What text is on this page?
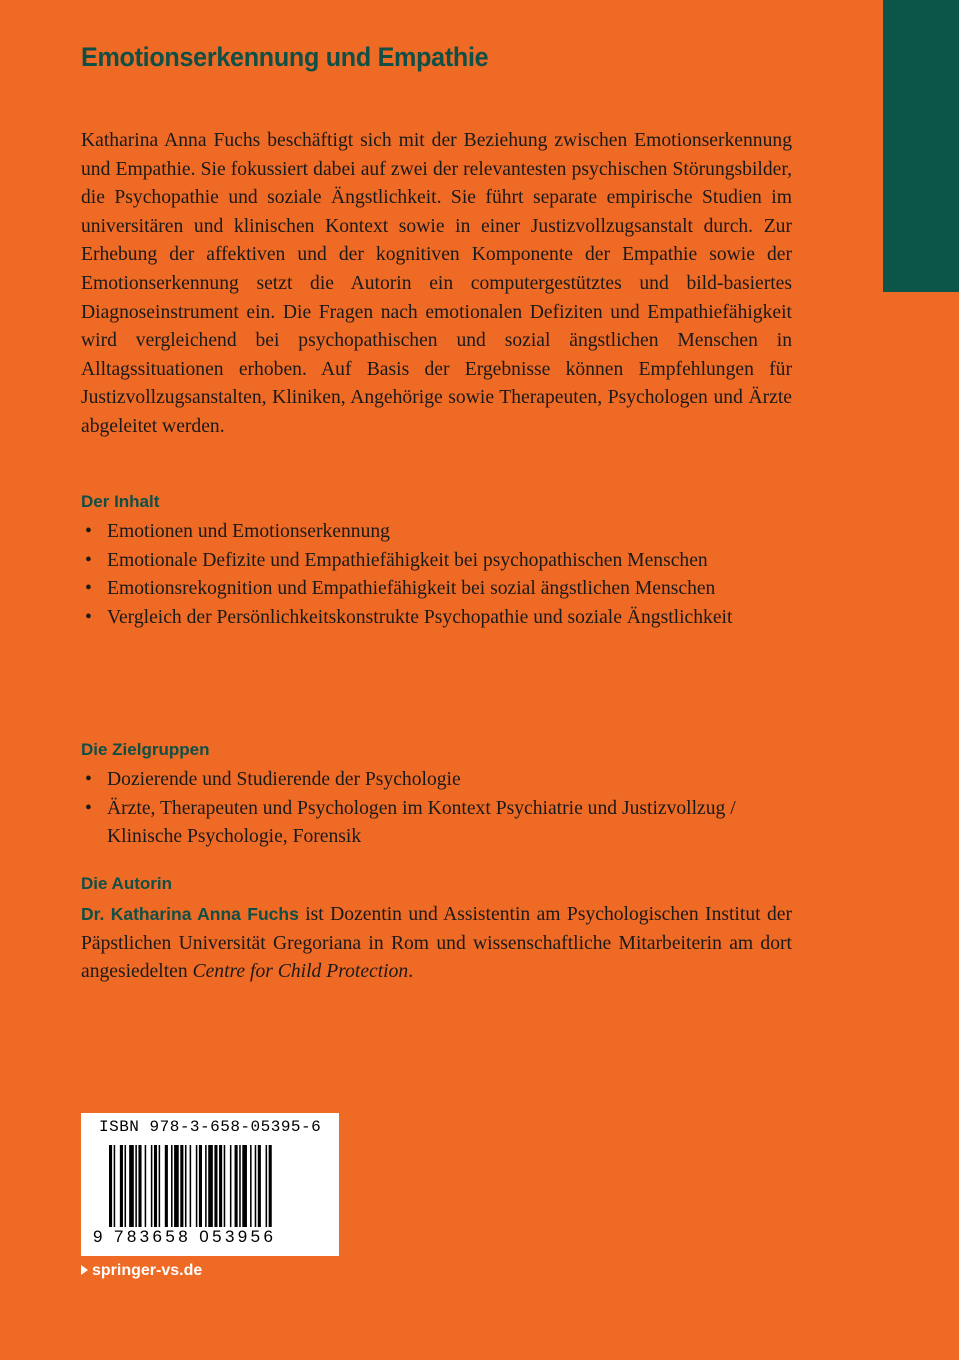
Emotionserkennung und Empathie

Katharina Anna Fuchs beschäftigt sich mit der Beziehung zwischen Emotionserkennung und Empathie. Sie fokussiert dabei auf zwei der relevantesten psychischen Störungsbilder, die Psychopathie und soziale Ängstlichkeit. Sie führt separate empirische Studien im universitären und klinischen Kontext sowie in einer Justizvollzugsanstalt durch. Zur Erhebung der affektiven und der kognitiven Komponente der Empathie sowie der Emotionserkennung setzt die Autorin ein computergestütztes und bild-basiertes Diagnoseinstrument ein. Die Fragen nach emotionalen Defiziten und Empathiefähigkeit wird vergleichend bei psychopathischen und sozial ängstlichen Menschen in Alltagssituationen erhoben. Auf Basis der Ergebnisse können Empfehlungen für Justizvollzugsanstalten, Kliniken, Angehörige sowie Therapeuten, Psychologen und Ärzte abgeleitet werden.

Der Inhalt
• Emotionen und Emotionserkennung
• Emotionale Defizite und Empathiefähigkeit bei psychopathischen Menschen
• Emotionsrekognition und Empathiefähigkeit bei sozial ängstlichen Menschen
• Vergleich der Persönlichkeitskonstrukte Psychopathie und soziale Ängstlichkeit
Die Zielgruppen
• Dozierende und Studierende der Psychologie
• Ärzte, Therapeuten und Psychologen im Kontext Psychiatrie und Justizvollzug / Klinische Psychologie, Forensik
Die Autorin

Dr. Katharina Anna Fuchs ist Dozentin und Assistentin am Psychologischen Institut der Päpstlichen Universität Gregoriana in Rom und wissenschaftliche Mitarbeiterin am dort angesiedelten Centre for Child Protection.

ISBN 978-3-658-05395-6
9 783658 053956
springer-vs.de
